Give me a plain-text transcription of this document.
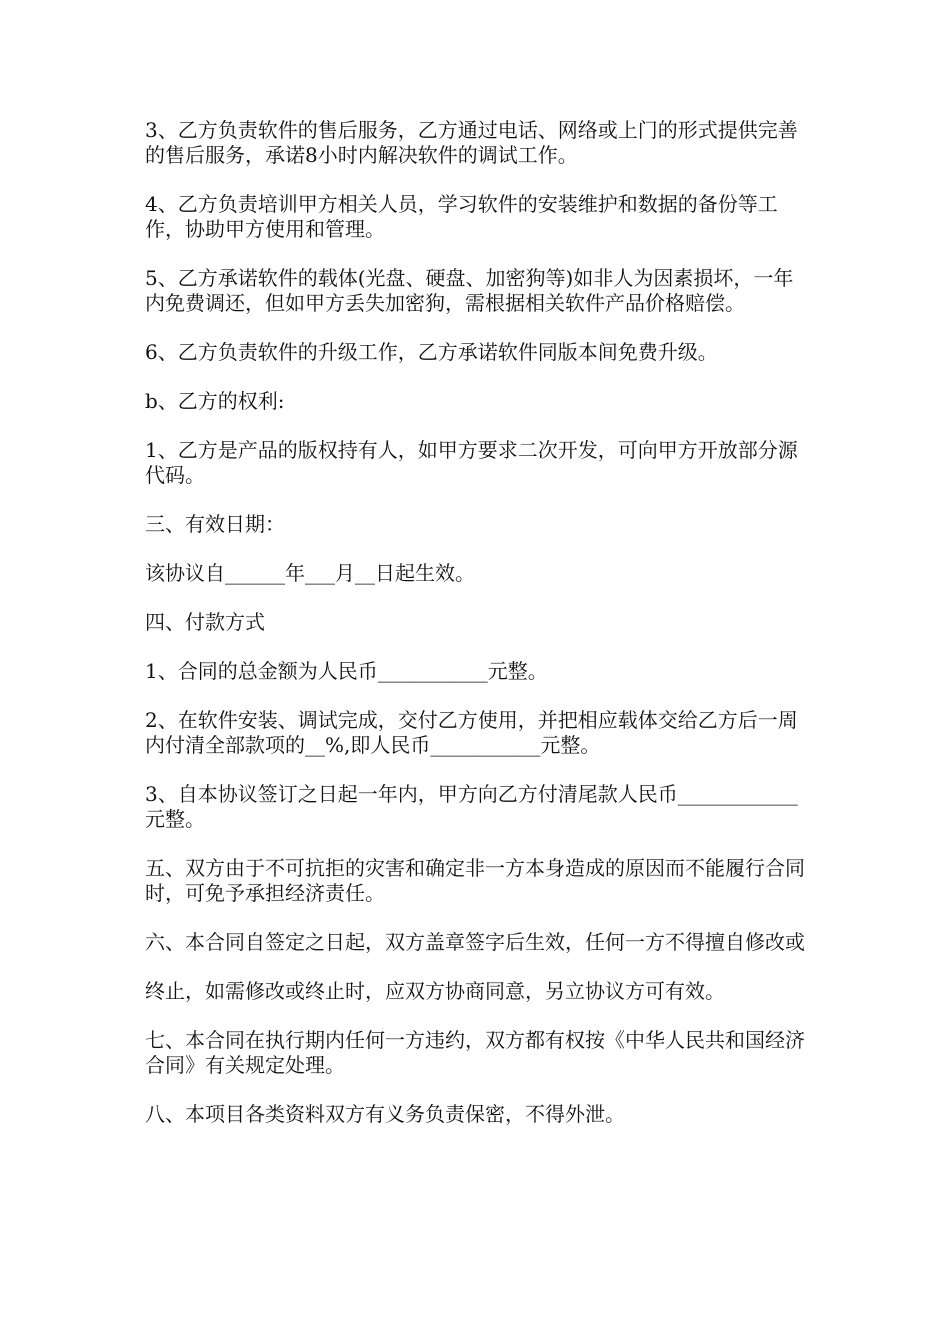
3、乙方负责软件的售后服务，乙方通过电话、网络或上门的形式提供完善的售后服务，承诺8小时内解决软件的调试工作。

4、乙方负责培训甲方相关人员，学习软件的安装维护和数据的备份等工作，协助甲方使用和管理。

5、乙方承诺软件的载体(光盘、硬盘、加密狗等)如非人为因素损坏，一年内免费调还，但如甲方丢失加密狗，需根据相关软件产品价格赔偿。

6、乙方负责软件的升级工作，乙方承诺软件同版本间免费升级。

b、乙方的权利:

1、乙方是产品的版权持有人，如甲方要求二次开发，可向甲方开放部分源代码。

三、有效日期：

该协议自______年___月__日起生效。

四、付款方式

1、合同的总金额为人民币___________元整。

2、在软件安装、调试完成，交付乙方使用，并把相应载体交给乙方后一周内付清全部款项的__%,即人民币___________元整。

3、自本协议签订之日起一年内，甲方向乙方付清尾款人民币____________元整。

五、双方由于不可抗拒的灾害和确定非一方本身造成的原因而不能履行合同时，可免予承担经济责任。

六、本合同自签定之日起，双方盖章签字后生效，任何一方不得擅自修改或

终止，如需修改或终止时，应双方协商同意，另立协议方可有效。

七、本合同在执行期内任何一方违约，双方都有权按《中华人民共和国经济合同》有关规定处理。

八、本项目各类资料双方有义务负责保密，不得外泄。
